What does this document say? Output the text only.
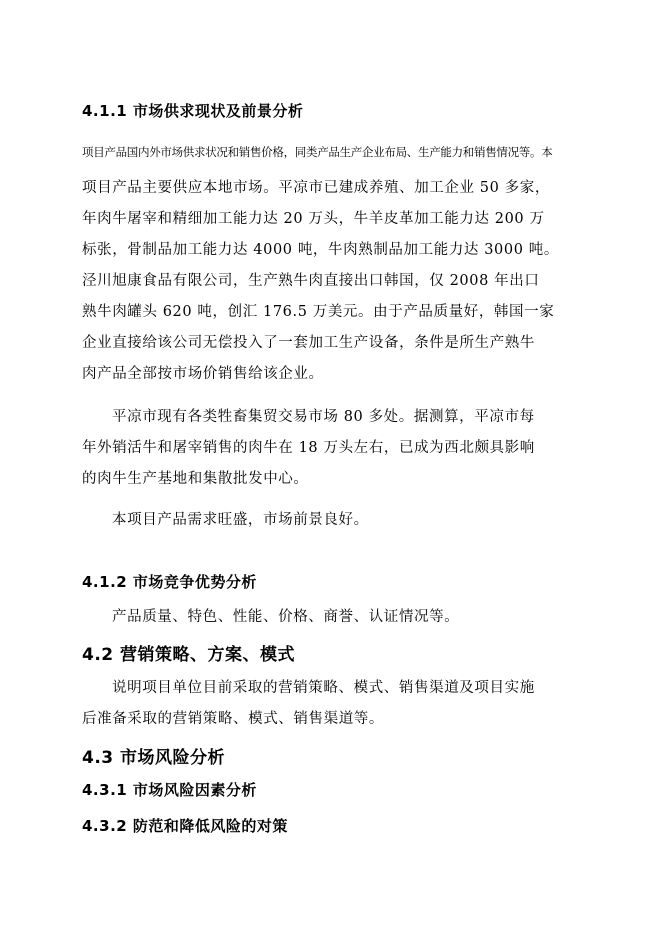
4.1.1 市场供求现状及前景分析
项目产品国内外市场供求状况和销售价格，同类产品生产企业布局、生产能力和销售情况等。本
项目产品主要供应本地市场。平凉市已建成养殖、加工企业 50 多家，
年肉牛屠宰和精细加工能力达 20 万头，牛羊皮革加工能力达 200 万
标张，骨制品加工能力达 4000 吨，牛肉熟制品加工能力达 3000 吨。
泾川旭康食品有限公司，生产熟牛肉直接出口韩国，仅 2008 年出口
熟牛肉罐头 620 吨，创汇 176.5 万美元。由于产品质量好，韩国一家
企业直接给该公司无偿投入了一套加工生产设备，条件是所生产熟牛
肉产品全部按市场价销售给该企业。
平凉市现有各类牲畜集贸交易市场 80 多处。据测算，平凉市每
年外销活牛和屠宰销售的肉牛在 18 万头左右，已成为西北颇具影响
的肉牛生产基地和集散批发中心。
本项目产品需求旺盛，市场前景良好。
4.1.2 市场竞争优势分析
产品质量、特色、性能、价格、商誉、认证情况等。
4.2 营销策略、方案、模式
说明项目单位目前采取的营销策略、模式、销售渠道及项目实施
后准备采取的营销策略、模式、销售渠道等。
4.3 市场风险分析
4.3.1 市场风险因素分析
4.3.2 防范和降低风险的对策
